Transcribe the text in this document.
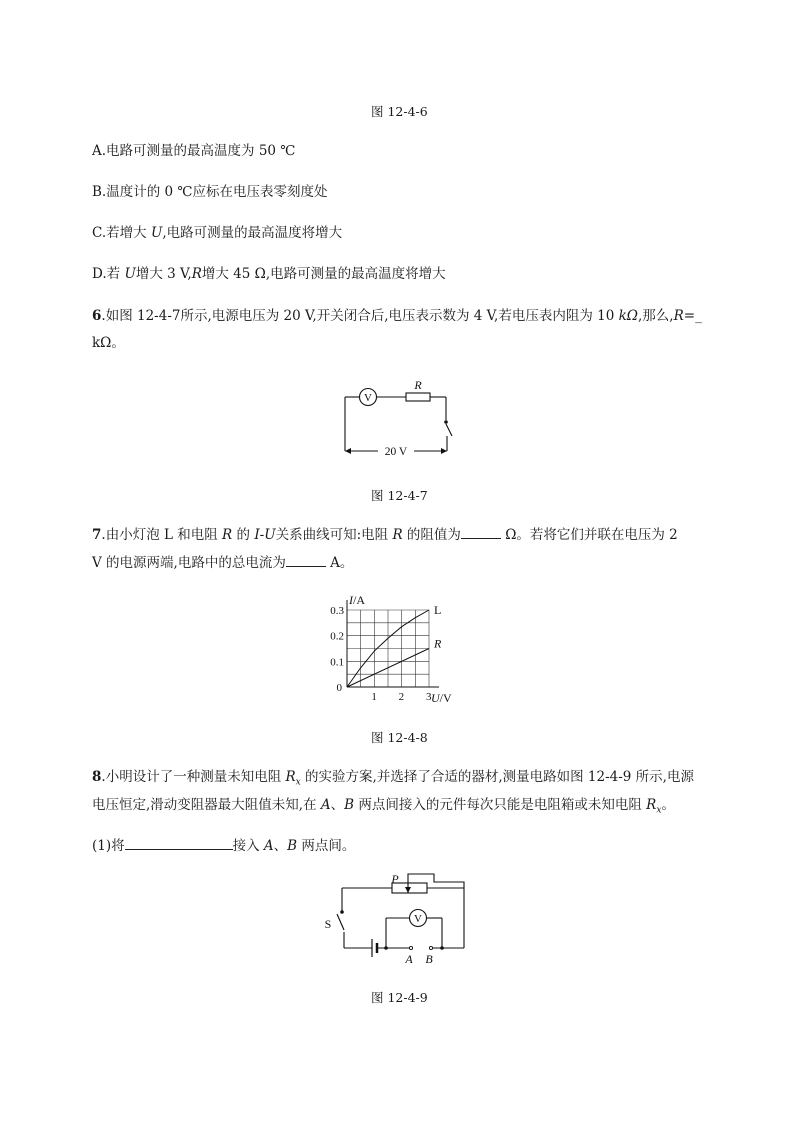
图 12-4-6
A.电路可测量的最高温度为 50 ℃
B.温度计的 0 ℃应标在电压表零刻度处
C.若增大 U,电路可测量的最高温度将增大
D.若 U增大 3 V,R增大 45 Ω,电路可测量的最高温度将增大
6.如图 12-4-7所示,电源电压为 20 V,开关闭合后,电压表示数为 4 V,若电压表内阻为 10 kΩ,那么,R=_
kΩ。
V
R
20 V
图 12-4-7
7.由小灯泡 L 和电阻 R 的 I-U关系曲线可知:电阻 R 的阻值为	Ω。若将它们并联在电压为 2
V 的电源两端,电路中的总电流为	A。
L
R
1 2 3
0.1
0.2
0.3
0
I/A
U/V
图 12-4-8
8.小明设计了一种测量未知电阻 $R_x$ 的实验方案,并选择了合适的器材,测量电路如图 12-4-9 所示,电源
电压恒定,滑动变阻器最大阻值未知,在 A、B 两点间接入的元件每次只能是电阻箱或未知电阻 $R_x$。
(1)将	接入 A、B 两点间。
V
P
S
A B
图 12-4-9
